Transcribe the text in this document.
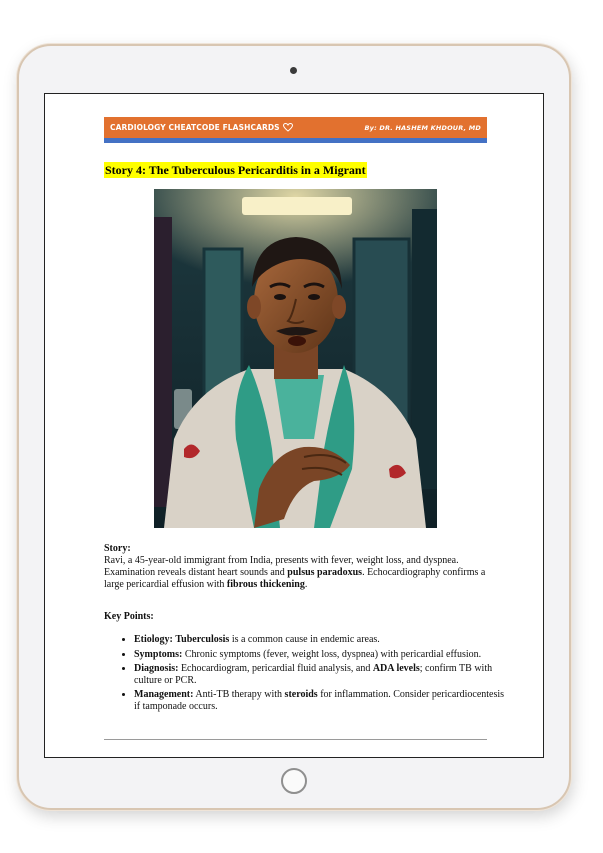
CARDIOLOGY CHEATCODE FLASHCARDS	By: DR. HASHEM KHDOUR, MD
Story 4: The Tuberculous Pericarditis in a Migrant
Story:
Ravi, a 45-year-old immigrant from India, presents with fever, weight loss, and dyspnea. Examination reveals distant heart sounds and pulsus paradoxus. Echocardiography confirms a large pericardial effusion with fibrous thickening.
Key Points:
• Etiology: Tuberculosis is a common cause in endemic areas.
• Symptoms: Chronic symptoms (fever, weight loss, dyspnea) with pericardial effusion.
• Diagnosis: Echocardiogram, pericardial fluid analysis, and ADA levels; confirm TB with culture or PCR.
• Management: Anti-TB therapy with steroids for inflammation. Consider pericardiocentesis if tamponade occurs.
